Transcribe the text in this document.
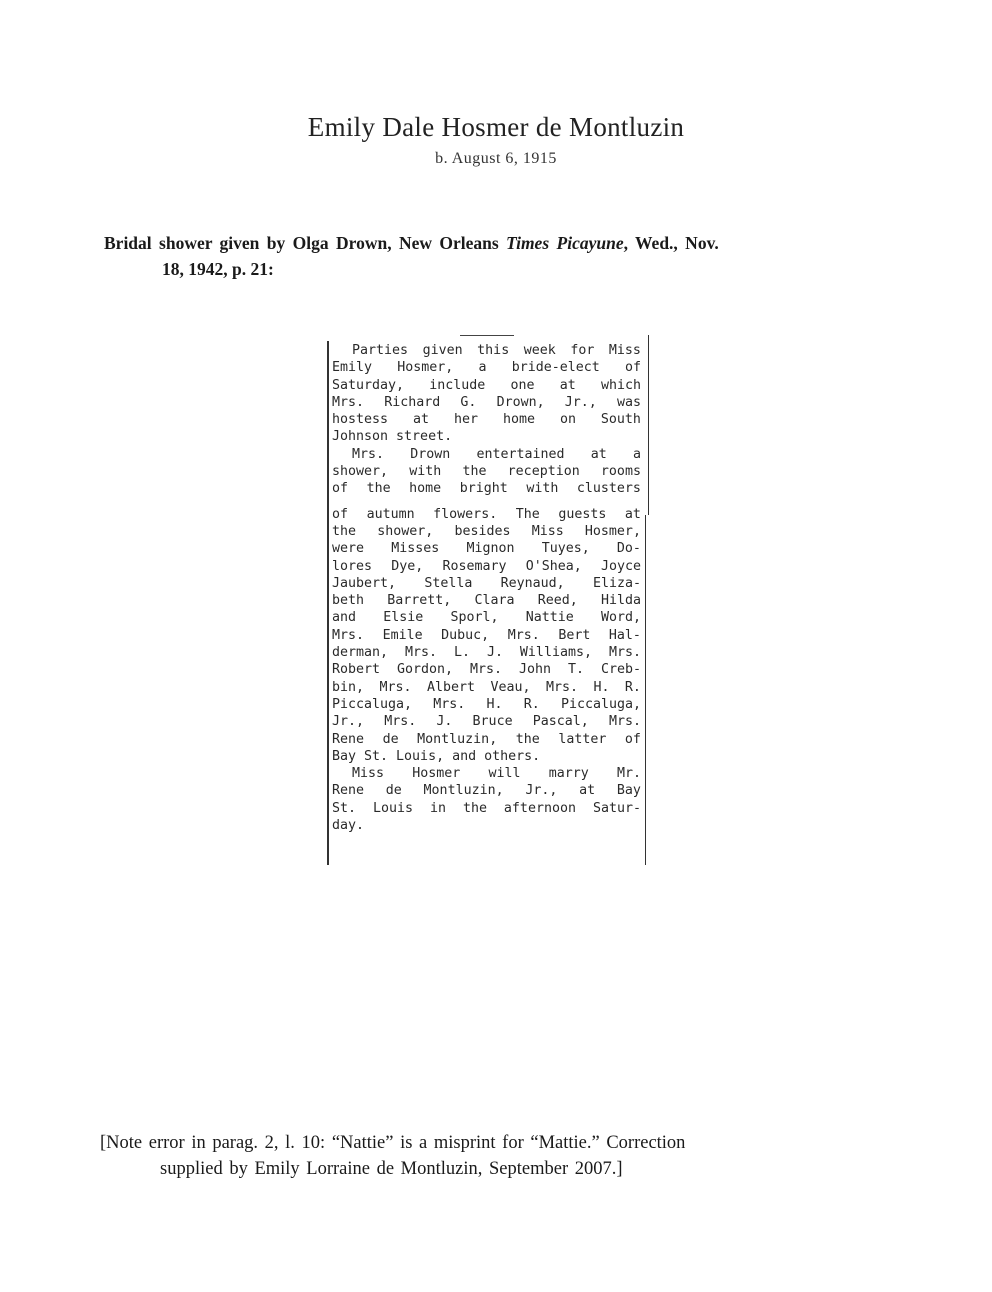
Emily Dale Hosmer de Montluzin
b. August 6, 1915
Bridal shower given by Olga Drown, New Orleans Times Picayune, Wed., Nov.
18, 1942, p. 21:
Parties given this week for Miss
Emily Hosmer, a bride-elect of
Saturday, include one at which
Mrs. Richard G. Drown, Jr., was
hostess at her home on South
Johnson street.
Mrs. Drown entertained at a
shower, with the reception rooms
of the home bright with clusters
of autumn flowers. The guests at
the shower, besides Miss Hosmer,
were Misses Mignon Tuyes, Do-
lores Dye, Rosemary O'Shea, Joyce
Jaubert, Stella Reynaud, Eliza-
beth Barrett, Clara Reed, Hilda
and Elsie Sporl, Nattie Word,
Mrs. Emile Dubuc, Mrs. Bert Hal-
derman, Mrs. L. J. Williams, Mrs.
Robert Gordon, Mrs. John T. Creb-
bin, Mrs. Albert Veau, Mrs. H. R.
Piccaluga, Mrs. H. R. Piccaluga,
Jr., Mrs. J. Bruce Pascal, Mrs.
Rene de Montluzin, the latter of
Bay St. Louis, and others.
Miss Hosmer will marry Mr.
Rene de Montluzin, Jr., at Bay
St. Louis in the afternoon Satur-
day.
[Note error in parag. 2, l. 10: “Nattie” is a misprint for “Mattie.” Correction
supplied by Emily Lorraine de Montluzin, September 2007.]
